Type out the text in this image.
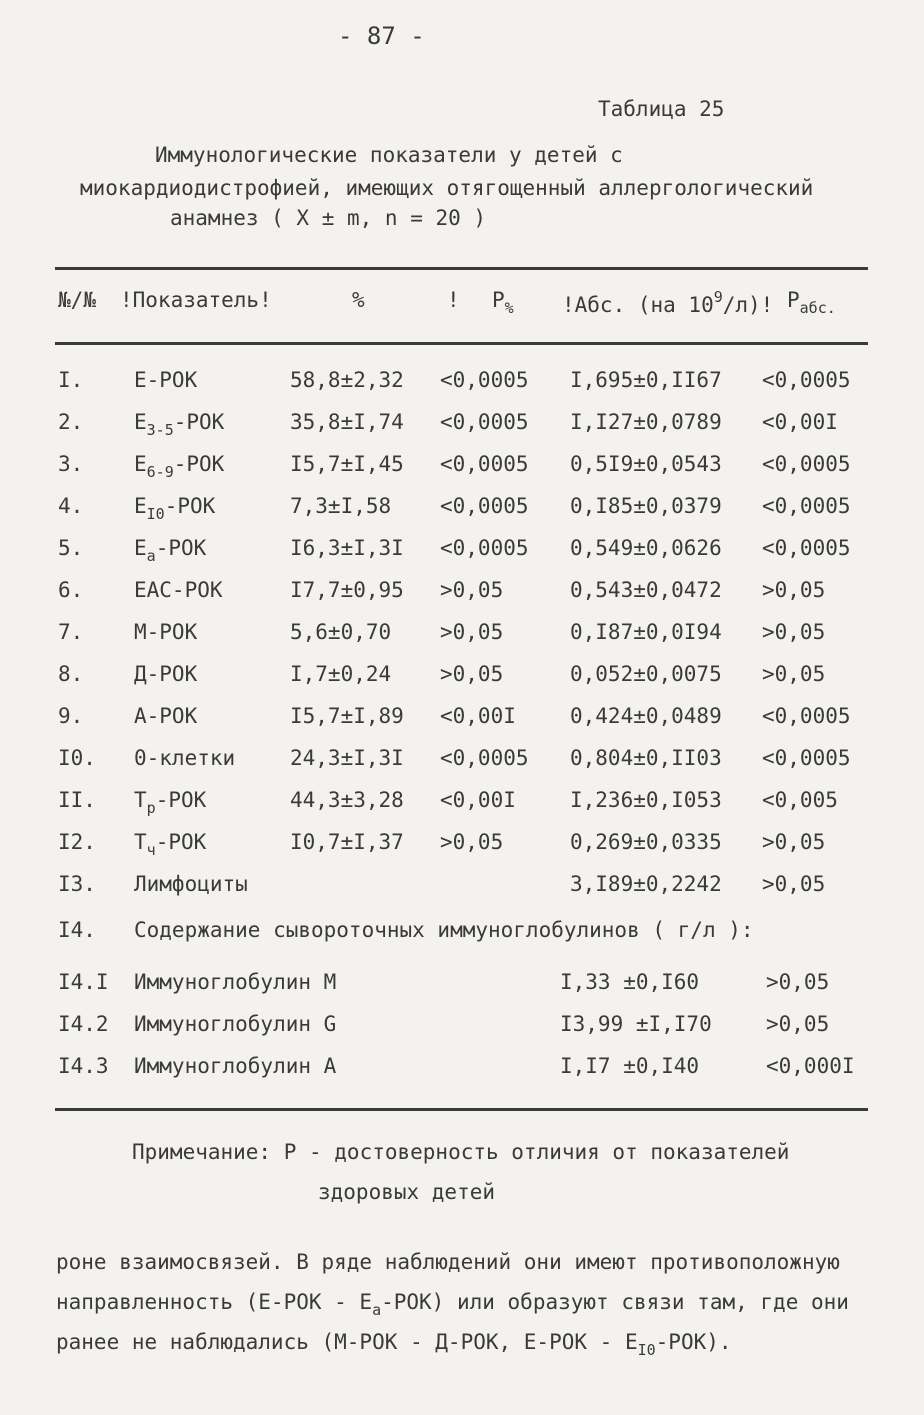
- 87 -
Таблица 25
Иммунологические показатели у детей с
миокардиодистрофией, имеющих отягощенный аллергологический
анамнез ( X ± m, n = 20 )
№/№ !Показатель!	%	! $P_{\%}$ !Абс. (на $10^9/л$)! $P_{абс.}$
I. Е-РОК	58,8±2,32 <0,0005 I,695±0,II67 <0,0005
2. $Е_{3-5}$-РОК	35,8±I,74 <0,0005 I,I27±0,0789 <0,00I
3. $Е_{6-9}$-РОК	I5,7±I,45 <0,0005 0,5I9±0,0543 <0,0005
4. $Е_{I0}$-РОК	7,3±I,58 <0,0005 0,I85±0,0379 <0,0005
5. $Е_а$-РОК	I6,3±I,3I <0,0005 0,549±0,0626 <0,0005
6. ЕАС-РОК	I7,7±0,95 >0,05	0,543±0,0472 >0,05
7. М-РОК	5,6±0,70 >0,05	0,I87±0,0I94 >0,05
8. Д-РОК	I,7±0,24 >0,05	0,052±0,0075 >0,05
9. А-РОК	I5,7±I,89 <0,00I	0,424±0,0489 <0,0005
I0. 0-клетки	24,3±I,3I <0,0005 0,804±0,II03 <0,0005
II. $Т_р$-РОК	44,3±3,28 <0,00I	I,236±0,I053 <0,005
I2. $Т_ч$-РОК	I0,7±I,37 >0,05	0,269±0,0335 >0,05
I3. Лимфоциты	3,I89±0,2242 >0,05
I4. Содержание сывороточных иммуноглобулинов ( г/л ):
I4.I Иммуноглобулин М	I,33 ±0,I60	>0,05
I4.2 Иммуноглобулин G	I3,99 ±I,I70	>0,05
I4.3 Иммуноглобулин А	I,I7 ±0,I40	<0,000I
Примечание: Р - достоверность отличия от показателей
здоровых детей
роне взаимосвязей. В ряде наблюдений они имеют противоположную
направленность $(Е-РОК - Е_а-РОК)$ или образуют связи там, где они
ранее не наблюдались (М-РОК - Д-РОК, $Е-РОК - Е_{I0}-РОК$).
